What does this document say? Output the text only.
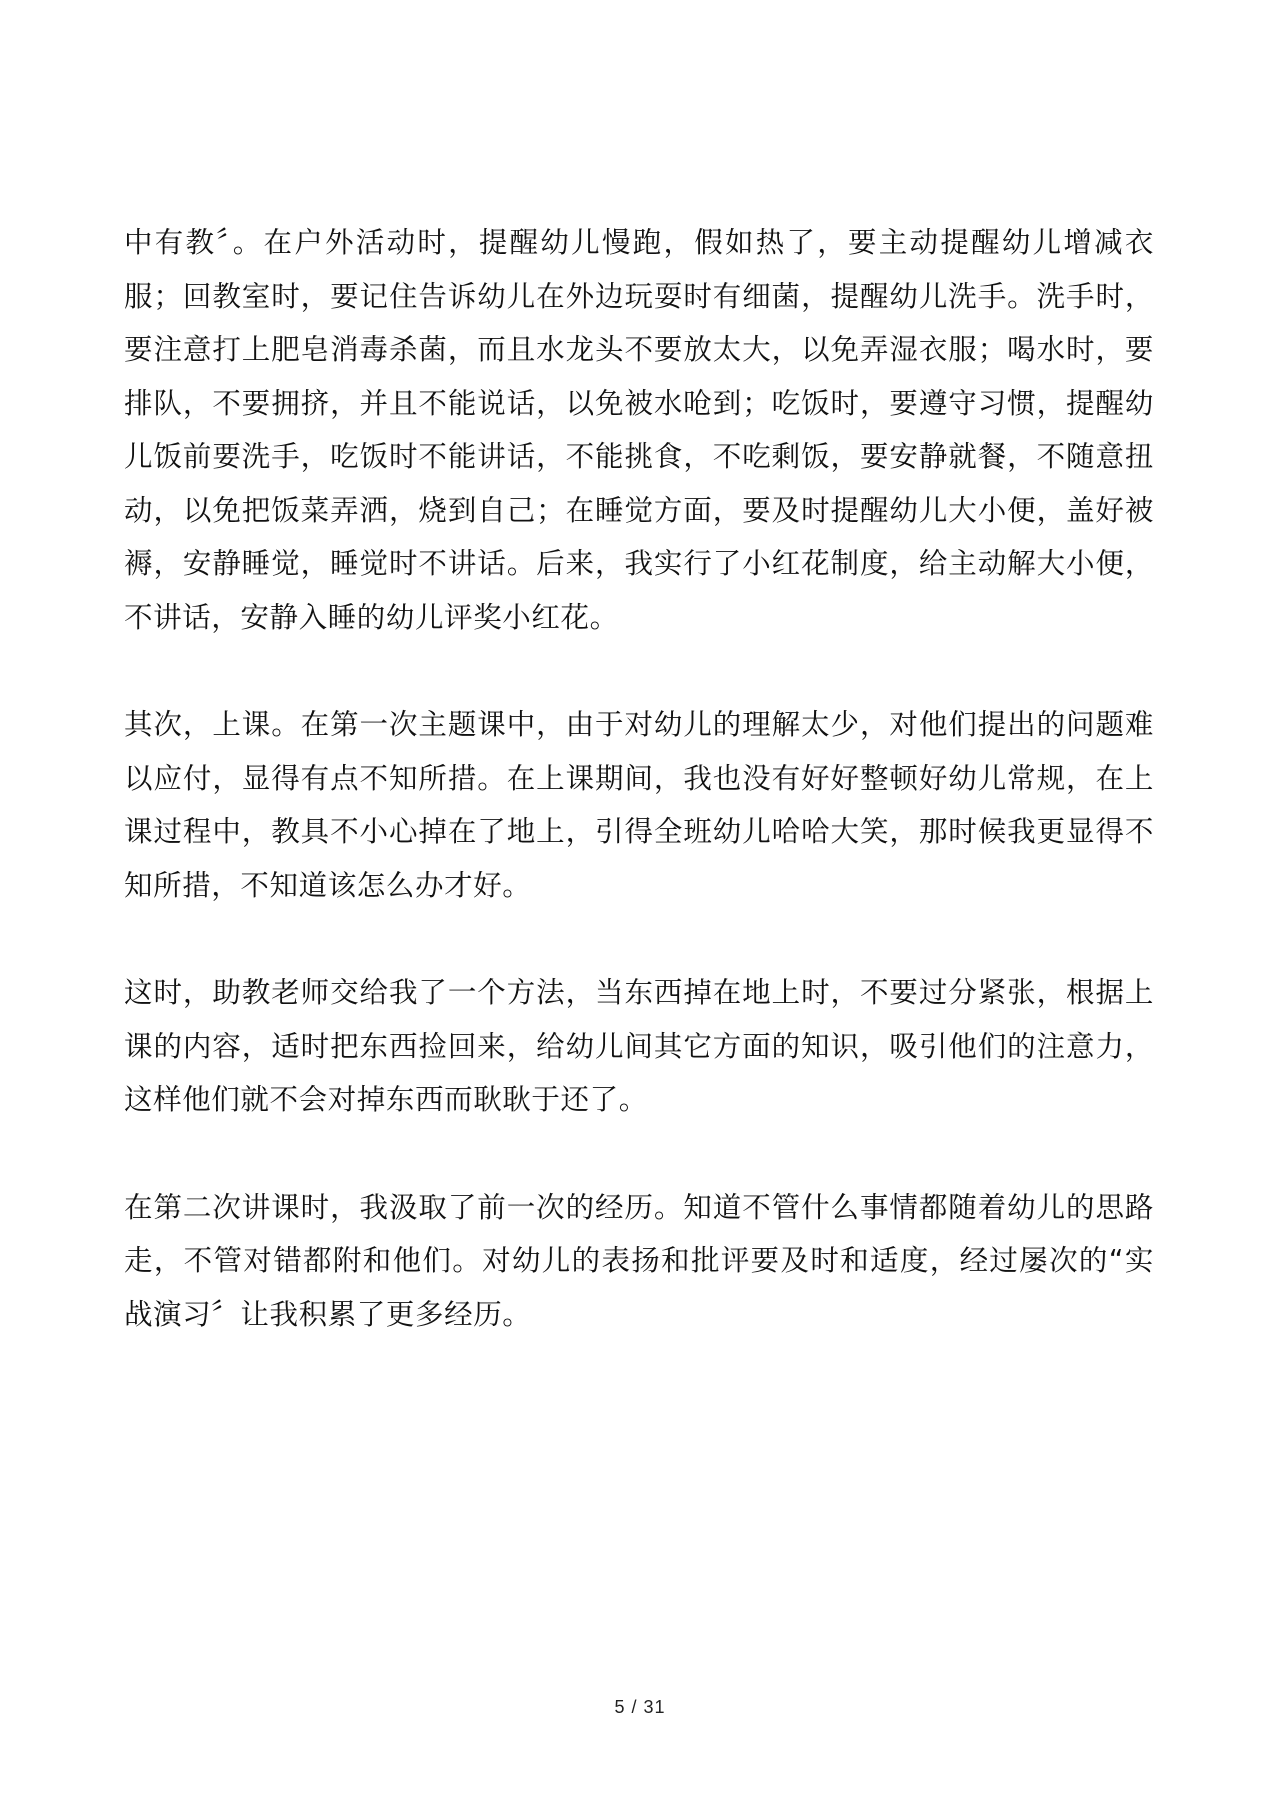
中有教〞。在户外活动时，提醒幼儿慢跑，假如热了，要主动提醒幼儿增减衣服；回教室时，要记住告诉幼儿在外边玩耍时有细菌，提醒幼儿洗手。洗手时，要注意打上肥皂消毒杀菌，而且水龙头不要放太大，以免弄湿衣服；喝水时，要排队，不要拥挤，并且不能说话，以免被水呛到；吃饭时，要遵守习惯，提醒幼儿饭前要洗手，吃饭时不能讲话，不能挑食，不吃剩饭，要安静就餐，不随意扭动，以免把饭菜弄洒，烧到自己；在睡觉方面，要及时提醒幼儿大小便，盖好被褥，安静睡觉，睡觉时不讲话。后来，我实行了小红花制度，给主动解大小便，不讲话，安静入睡的幼儿评奖小红花。

其次，上课。在第一次主题课中，由于对幼儿的理解太少，对他们提出的问题难以应付，显得有点不知所措。在上课期间，我也没有好好整顿好幼儿常规，在上课过程中，教具不小心掉在了地上，引得全班幼儿哈哈大笑，那时候我更显得不知所措，不知道该怎么办才好。

这时，助教老师交给我了一个方法，当东西掉在地上时，不要过分紧张，根据上课的内容，适时把东西捡回来，给幼儿间其它方面的知识，吸引他们的注意力，这样他们就不会对掉东西而耿耿于还了。

在第二次讲课时，我汲取了前一次的经历。知道不管什么事情都随着幼儿的思路走，不管对错都附和他们。对幼儿的表扬和批评要及时和适度，经过屡次的“实战演习〞让我积累了更多经历。

5 / 31
